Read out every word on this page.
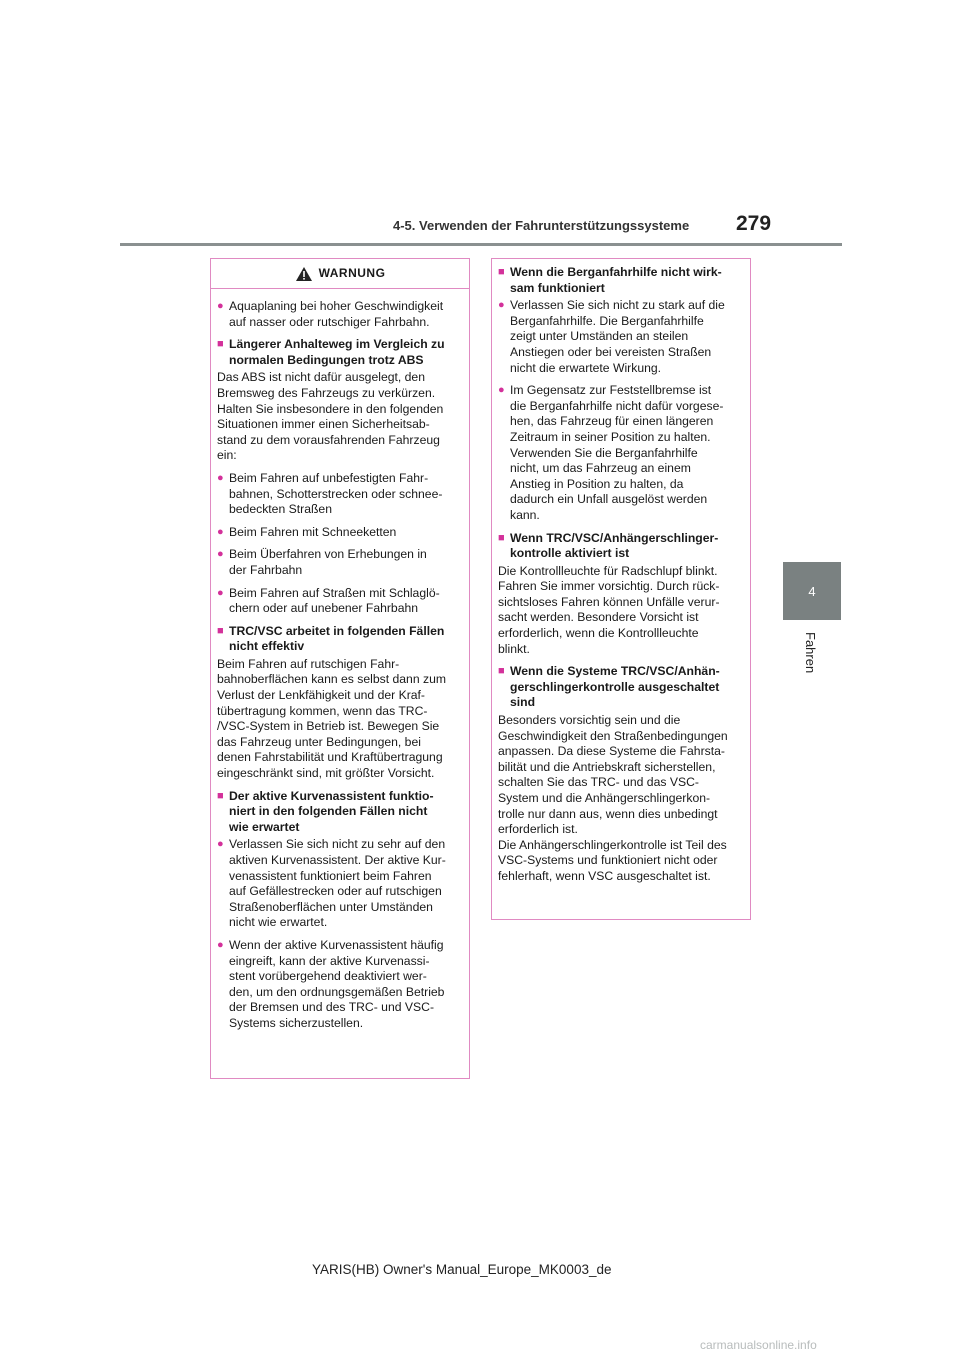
4-5. Verwenden der Fahrunterstützungssysteme 279
4
Fahren
WARNUNG
● Aquaplaning bei hoher Geschwindigkeit
auf nasser oder rutschiger Fahrbahn.
■ Längerer Anhalteweg im Vergleich zu
normalen Bedingungen trotz ABS
Das ABS ist nicht dafür ausgelegt, den
Bremsweg des Fahrzeugs zu verkürzen.
Halten Sie insbesondere in den folgenden
Situationen immer einen Sicherheitsab-
stand zu dem vorausfahrenden Fahrzeug
ein:
● Beim Fahren auf unbefestigten Fahr-
bahnen, Schotterstrecken oder schnee-
bedeckten Straßen
● Beim Fahren mit Schneeketten
● Beim Überfahren von Erhebungen in
der Fahrbahn
● Beim Fahren auf Straßen mit Schlaglö-
chern oder auf unebener Fahrbahn
■ TRC/VSC arbeitet in folgenden Fällen
nicht effektiv
Beim Fahren auf rutschigen Fahr-
bahnoberflächen kann es selbst dann zum
Verlust der Lenkfähigkeit und der Kraf-
tübertragung kommen, wenn das TRC-
/VSC-System in Betrieb ist. Bewegen Sie
das Fahrzeug unter Bedingungen, bei
denen Fahrstabilität und Kraftübertragung
eingeschränkt sind, mit größter Vorsicht.
■ Der aktive Kurvenassistent funktio-
niert in den folgenden Fällen nicht
wie erwartet
● Verlassen Sie sich nicht zu sehr auf den
aktiven Kurvenassistent. Der aktive Kur-
venassistent funktioniert beim Fahren
auf Gefällestrecken oder auf rutschigen
Straßenoberflächen unter Umständen
nicht wie erwartet.
● Wenn der aktive Kurvenassistent häufig
eingreift, kann der aktive Kurvenassi-
stent vorübergehend deaktiviert wer-
den, um den ordnungsgemäßen Betrieb
der Bremsen und des TRC- und VSC-
Systems sicherzustellen.
■ Wenn die Berganfahrhilfe nicht wirk-
sam funktioniert
● Verlassen Sie sich nicht zu stark auf die
Berganfahrhilfe. Die Berganfahrhilfe
zeigt unter Umständen an steilen
Anstiegen oder bei vereisten Straßen
nicht die erwartete Wirkung.
● Im Gegensatz zur Feststellbremse ist
die Berganfahrhilfe nicht dafür vorgese-
hen, das Fahrzeug für einen längeren
Zeitraum in seiner Position zu halten.
Verwenden Sie die Berganfahrhilfe
nicht, um das Fahrzeug an einem
Anstieg in Position zu halten, da
dadurch ein Unfall ausgelöst werden
kann.
■ Wenn TRC/VSC/Anhängerschlinger-
kontrolle aktiviert ist
Die Kontrollleuchte für Radschlupf blinkt.
Fahren Sie immer vorsichtig. Durch rück-
sichtsloses Fahren können Unfälle verur-
sacht werden. Besondere Vorsicht ist
erforderlich, wenn die Kontrollleuchte
blinkt.
■ Wenn die Systeme TRC/VSC/Anhän-
gerschlingerkontrolle ausgeschaltet
sind
Besonders vorsichtig sein und die
Geschwindigkeit den Straßenbedingungen
anpassen. Da diese Systeme die Fahrsta-
bilität und die Antriebskraft sicherstellen,
schalten Sie das TRC- und das VSC-
System und die Anhängerschlingerkon-
trolle nur dann aus, wenn dies unbedingt
erforderlich ist.
Die Anhängerschlingerkontrolle ist Teil des
VSC-Systems und funktioniert nicht oder
fehlerhaft, wenn VSC ausgeschaltet ist.
YARIS(HB) Owner's Manual_Europe_MK0003_de
carmanualsonline.info
